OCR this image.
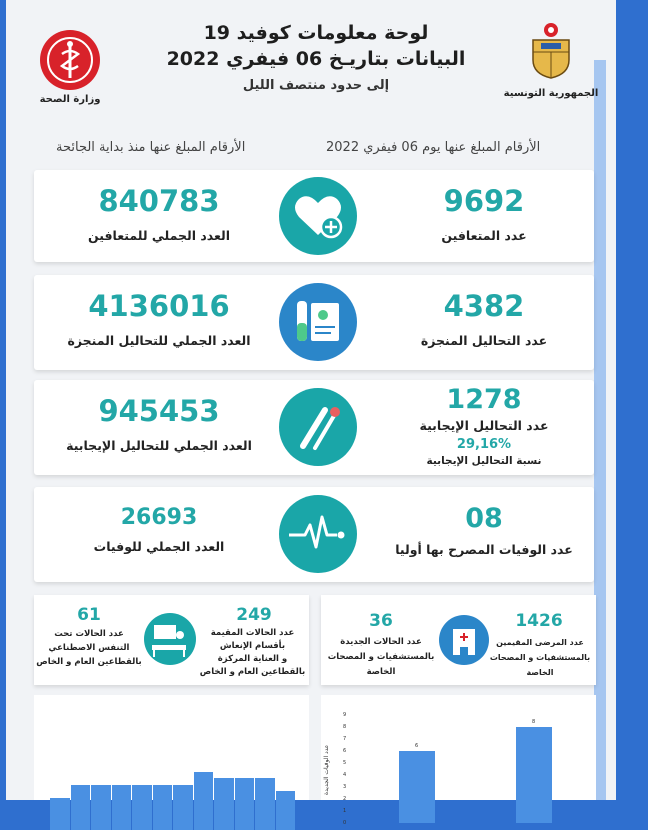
وزارة الصحة
لوحة معلومات كوفيد 19
البيانات بتاريـخ 06 فيفري 2022
إلى حدود منتصف الليل
الجمهورية التونسية
الأرقام المبلغ عنها منذ بداية الجائحة	الأرقام المبلغ عنها يوم 06 فيفري 2022
840783
العدد الجملي للمتعافين
9692
عدد المتعافين
4136016
العدد الجملي للتحاليل المنجزة
4382
عدد التحاليل المنجزة
945453
العدد الجملي للتحاليل الإيجابية
1278
عدد التحاليل الإيجابية
29,16%
نسبة التحاليل الإيجابية
26693
العدد الجملي للوفيات
08
عدد الوفيات المصرح بها أوليا
61
عدد الحالات تحت
التنفس الاصطناعي
بالقطاعين العام و الخاص
249
عدد الحالات المقيمة
بأقسام الإنعاش
و العناية المركزة
بالقطاعين العام و الخاص
36
عدد الحالات الجديدة
بالمستشفيات و المصحات الخاصة
1426
عدد المرضى المقيمين
بالمستشفيات و المصحات الخاصة
عدد الوفيات الجديدة
0
1
2
3
4
5
6
7
8
9
6
8
